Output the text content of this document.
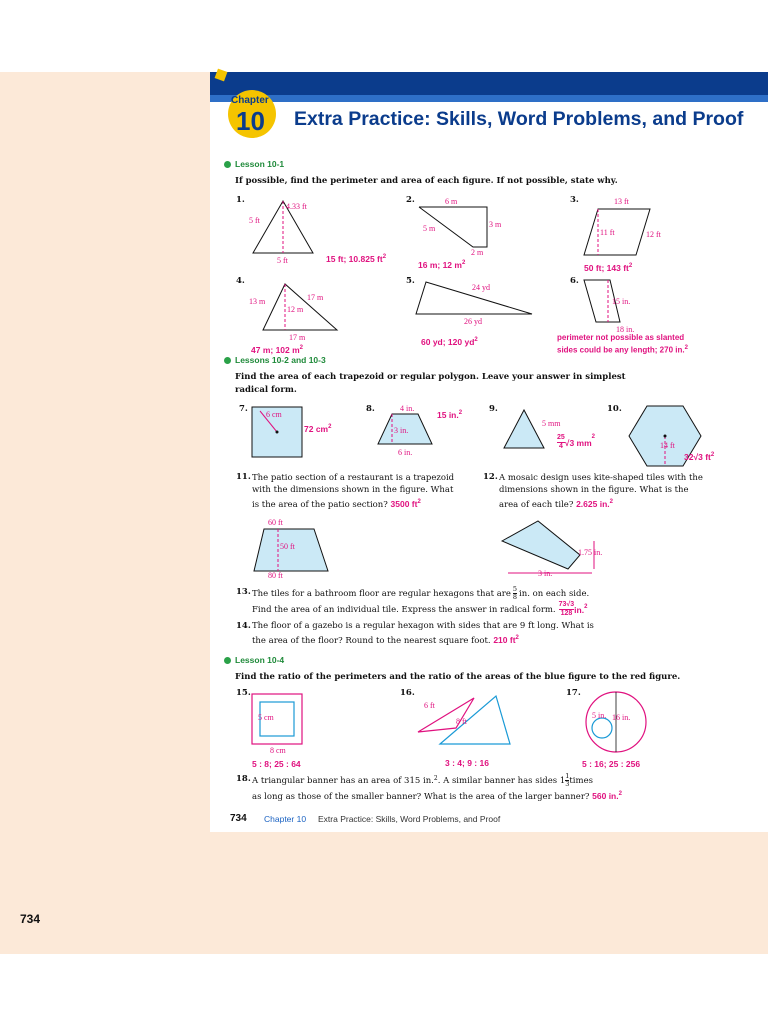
Chapter
10 Extra Practice: Skills, Word Problems, and Proof
Lesson 10-1
If possible, find the perimeter and area of each figure. If not possible, state why.
1.
5 ft
4.33 ft
5 ft	15 ft; 10.825 $ft^2$
2.	6 m
5 m	3 m
2 m
16 m; 12 $m^2$
3.	13 ft
11 ft	12 ft
50 ft; 143 $ft^2$
4.
13 m	17 m
12 m
17 m
47 m; 102 $m^2$
5.
24 yd
26 yd
60 yd; 120 $yd^2$
6.
15 in.
18 in.
perimeter not possible as slanted
sides could be any length; 270 in.$^2$
Lessons 10-2 and 10-3
Find the area of each trapezoid or regular polygon. Leave your answer in simplest
radical form.
7.
6 cm
72 $cm^2$
8.	4 in.
3 in.
6 in.
15 in.$^2$	9.
5 mm
25
4 √3 mm
$^2$
10.
14 ft
32√3 $ft^2$
11. The patio section of a restaurant is a trapezoid
with the dimensions shown in the figure. What
is the area of the patio section? 3500 $ft^2$
60 ft
50 ft
80 ft
12. A mosaic design uses kite-shaped tiles with the
dimensions shown in the figure. What is the
area of each tile? 2.625 in.$^2$
1.75 in.
3 in.
13. The tiles for a bathroom floor are regular hexagons that are 5
8 in. on each side.
Find the area of an individual tile. Express the answer in radical form. 73√3
128 in.$^2$
14. The floor of a gazebo is a regular hexagon with sides that are 9 ft long. What is
the area of the floor? Round to the nearest square foot. 210 $ft^2$
Lesson 10-4
Find the ratio of the perimeters and the ratio of the areas of the blue figure to the red figure.
15.
5 cm
8 cm
5 : 8; 25 : 64
16.
6 ft
8 ft
3 : 4; 9 : 16
17.
5 in. 16 in.
5 : 16; 25 : 256
18. A triangular banner has an area of 315 in. 2 . A similar banner has sides 1 1
3 times
as long as those of the smaller banner? What is the area of the larger banner? 560 in.$^2$
734 Chapter 10 Extra Practice: Skills, Word Problems, and Proof
734
